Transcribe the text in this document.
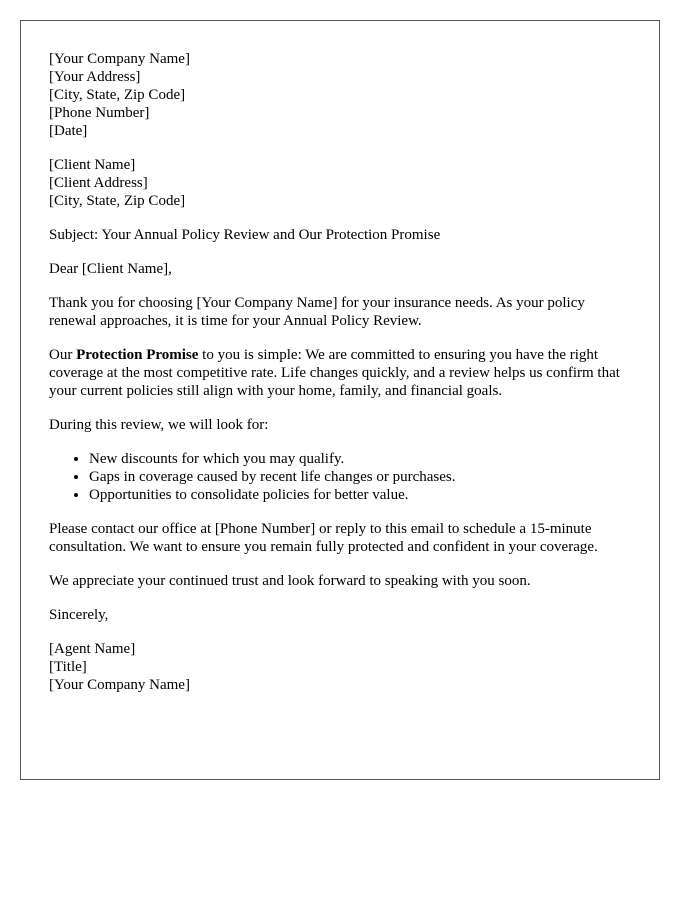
[Your Company Name]
[Your Address]
[City, State, Zip Code]
[Phone Number]
[Date]
[Client Name]
[Client Address]
[City, State, Zip Code]

Subject: Your Annual Policy Review and Our Protection Promise

Dear [Client Name],

Thank you for choosing [Your Company Name] for your insurance needs. As your policy renewal approaches, it is time for your Annual Policy Review.

Our Protection Promise to you is simple: We are committed to ensuring you have the right coverage at the most competitive rate. Life changes quickly, and a review helps us confirm that your current policies still align with your home, family, and financial goals.

During this review, we will look for:

• New discounts for which you may qualify.
• Gaps in coverage caused by recent life changes or purchases.
• Opportunities to consolidate policies for better value.

Please contact our office at [Phone Number] or reply to this email to schedule a 15-minute consultation. We want to ensure you remain fully protected and confident in your coverage.

We appreciate your continued trust and look forward to speaking with you soon.

Sincerely,

[Agent Name]
[Title]
[Your Company Name]
